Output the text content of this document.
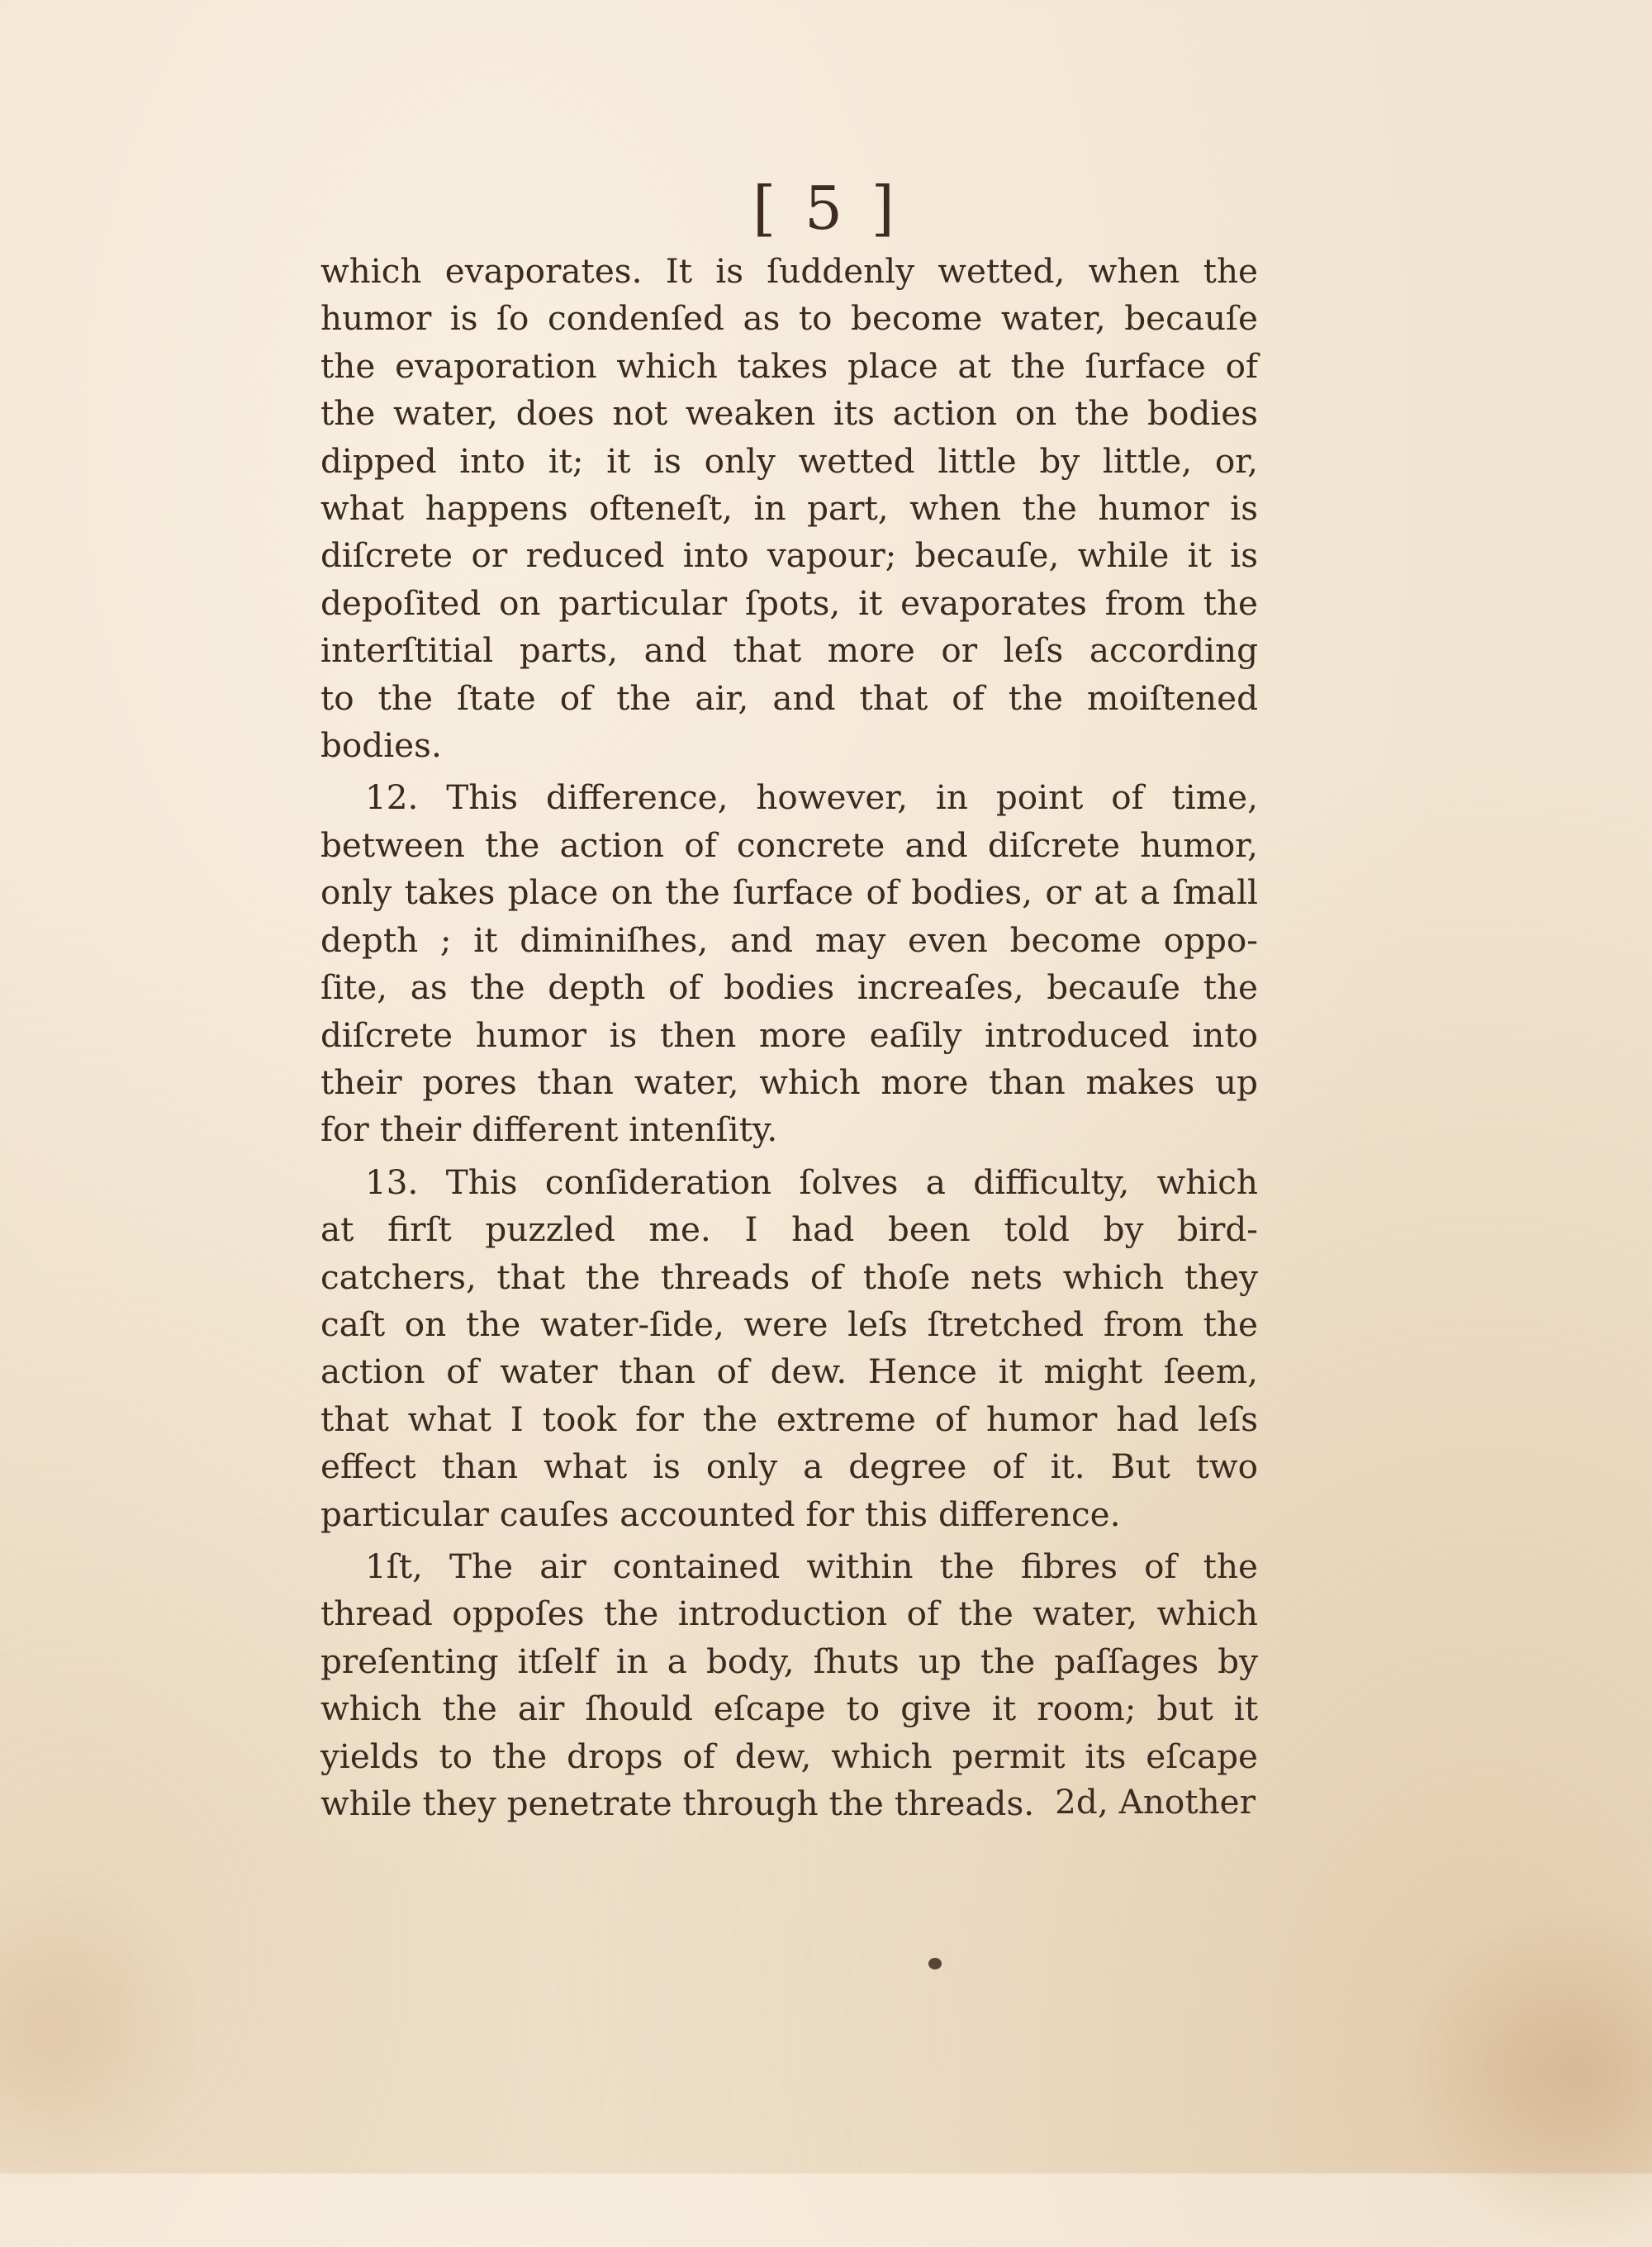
[ 5 ]
which evaporates. It is ſuddenly wetted, when the
humor is ſo condenſed as to become water, becauſe
the evaporation which takes place at the ſurface of
the water, does not weaken its action on the bodies
dipped into it; it is only wetted little by little, or,
what happens ofteneſt, in part, when the humor is
diſcrete or reduced into vapour; becauſe, while it is
depoſited on particular ſpots, it evaporates from the
interſtitial parts, and that more or leſs according
to the ſtate of the air, and that of the moiſtened
bodies.
12. This difference, however, in point of time,
between the action of concrete and diſcrete humor,
only takes place on the ſurface of bodies, or at a ſmall
depth ; it diminiſhes, and may even become oppo-
ſite, as the depth of bodies increaſes, becauſe the
diſcrete humor is then more eaſily introduced into
their pores than water, which more than makes up
for their different intenſity.
13. This conſideration ſolves a difficulty, which
at firſt puzzled me. I had been told by bird-
catchers, that the threads of thoſe nets which they
caſt on the water-ſide, were leſs ſtretched from the
action of water than of dew. Hence it might ſeem,
that what I took for the extreme of humor had leſs
effect than what is only a degree of it. But two
particular cauſes accounted for this difference.
1ſt, The air contained within the fibres of the
thread oppoſes the introduction of the water, which
preſenting itſelf in a body, ſhuts up the paſſages by
which the air ſhould eſcape to give it room; but it
yields to the drops of dew, which permit its eſcape
while they penetrate through the threads. 2d, Another
